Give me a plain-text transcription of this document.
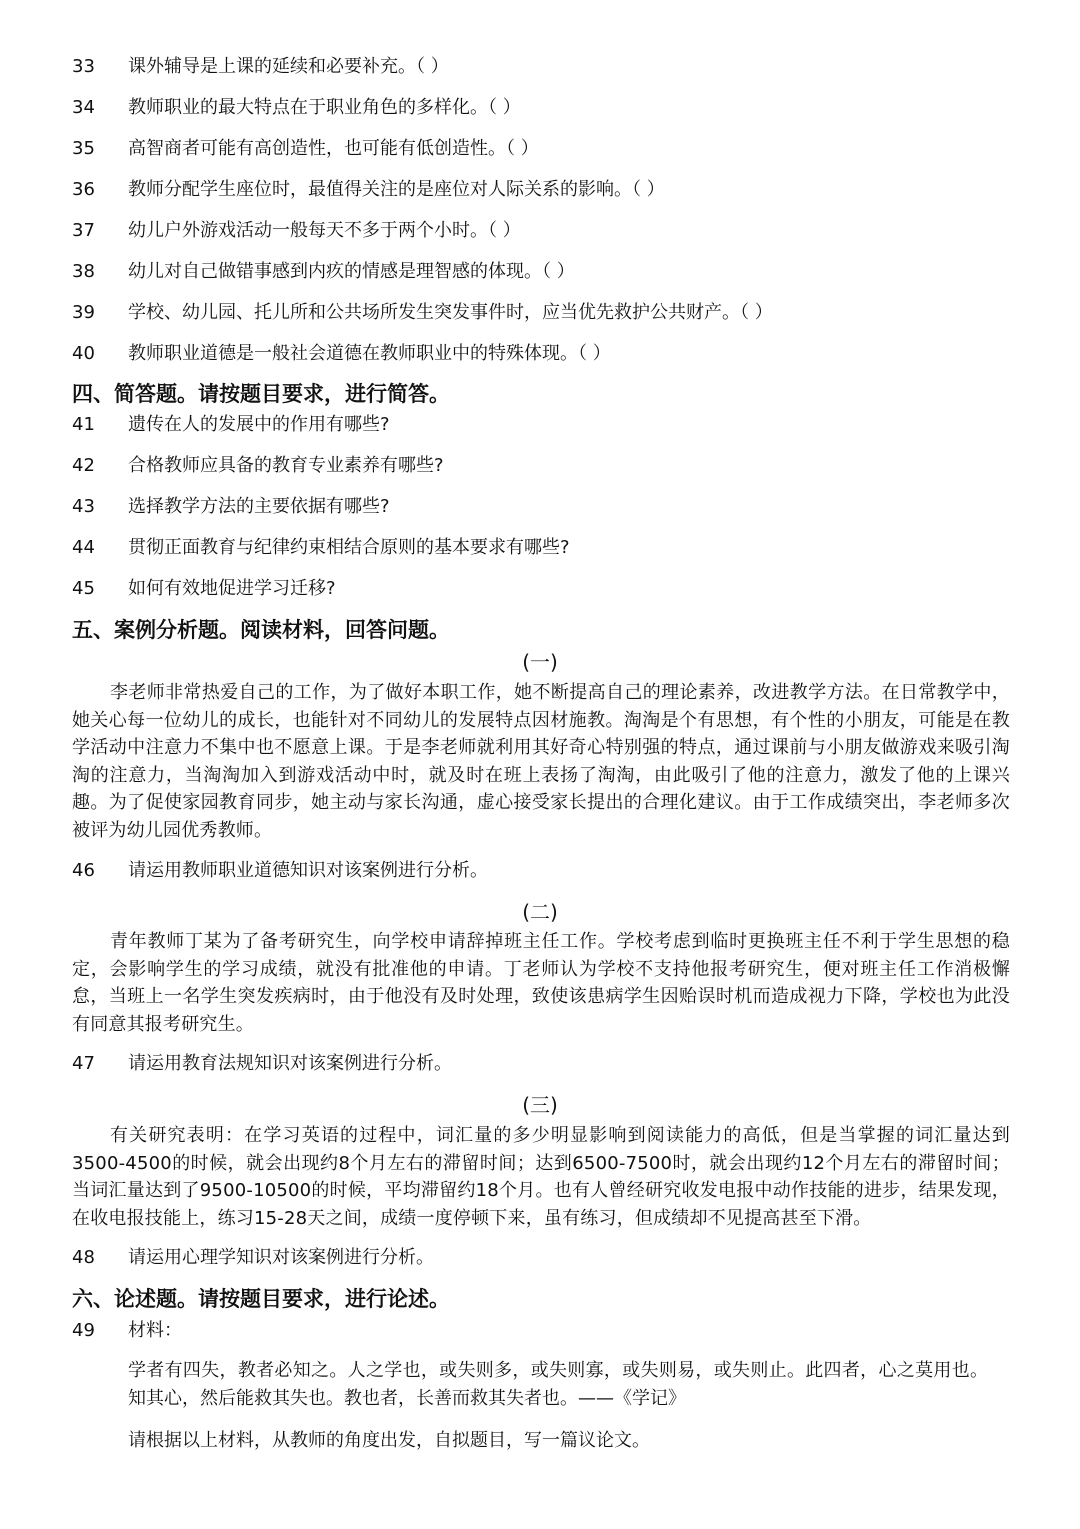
33	课外辅导是上课的延续和必要补充。（ ）
34	教师职业的最大特点在于职业角色的多样化。（ ）
35	高智商者可能有高创造性，也可能有低创造性。（ ）
36	教师分配学生座位时，最值得关注的是座位对人际关系的影响。（ ）
37	幼儿户外游戏活动一般每天不多于两个小时。（ ）
38	幼儿对自己做错事感到内疚的情感是理智感的体现。（ ）
39	学校、幼儿园、托儿所和公共场所发生突发事件时，应当优先救护公共财产。（ ）
40	教师职业道德是一般社会道德在教师职业中的特殊体现。（ ）
四、简答题。请按题目要求，进行简答。
41	遗传在人的发展中的作用有哪些?
42	合格教师应具备的教育专业素养有哪些?
43	选择教学方法的主要依据有哪些?
44	贯彻正面教育与纪律约束相结合原则的基本要求有哪些?
45	如何有效地促进学习迁移?
五、案例分析题。阅读材料，回答问题。
(一)
李老师非常热爱自己的工作，为了做好本职工作，她不断提高自己的理论素养，改进教学方法。在日常教学中，她关心每一位幼儿的成长，也能针对不同幼儿的发展特点因材施教。淘淘是个有思想，有个性的小朋友，可能是在教学活动中注意力不集中也不愿意上课。于是李老师就利用其好奇心特别强的特点，通过课前与小朋友做游戏来吸引淘淘的注意力，当淘淘加入到游戏活动中时，就及时在班上表扬了淘淘，由此吸引了他的注意力，激发了他的上课兴趣。为了促使家园教育同步，她主动与家长沟通，虚心接受家长提出的合理化建议。由于工作成绩突出，李老师多次被评为幼儿园优秀教师。
46	请运用教师职业道德知识对该案例进行分析。
(二)
青年教师丁某为了备考研究生，向学校申请辞掉班主任工作。学校考虑到临时更换班主任不利于学生思想的稳定，会影响学生的学习成绩，就没有批准他的申请。丁老师认为学校不支持他报考研究生，便对班主任工作消极懈怠，当班上一名学生突发疾病时，由于他没有及时处理，致使该患病学生因贻误时机而造成视力下降，学校也为此没有同意其报考研究生。
47	请运用教育法规知识对该案例进行分析。
(三)
有关研究表明：在学习英语的过程中，词汇量的多少明显影响到阅读能力的高低，但是当掌握的词汇量达到3500-4500的时候，就会出现约8个月左右的滞留时间；达到6500-7500时，就会出现约12个月左右的滞留时间；当词汇量达到了9500-10500的时候，平均滞留约18个月。也有人曾经研究收发电报中动作技能的进步，结果发现，在收电报技能上，练习15-28天之间，成绩一度停顿下来，虽有练习，但成绩却不见提高甚至下滑。
48	请运用心理学知识对该案例进行分析。
六、论述题。请按题目要求，进行论述。
49	材料：
学者有四失，教者必知之。人之学也，或失则多，或失则寡，或失则易，或失则止。此四者，心之莫用也。知其心，然后能救其失也。教也者，长善而救其失者也。——《学记》
请根据以上材料，从教师的角度出发，自拟题目，写一篇议论文。
